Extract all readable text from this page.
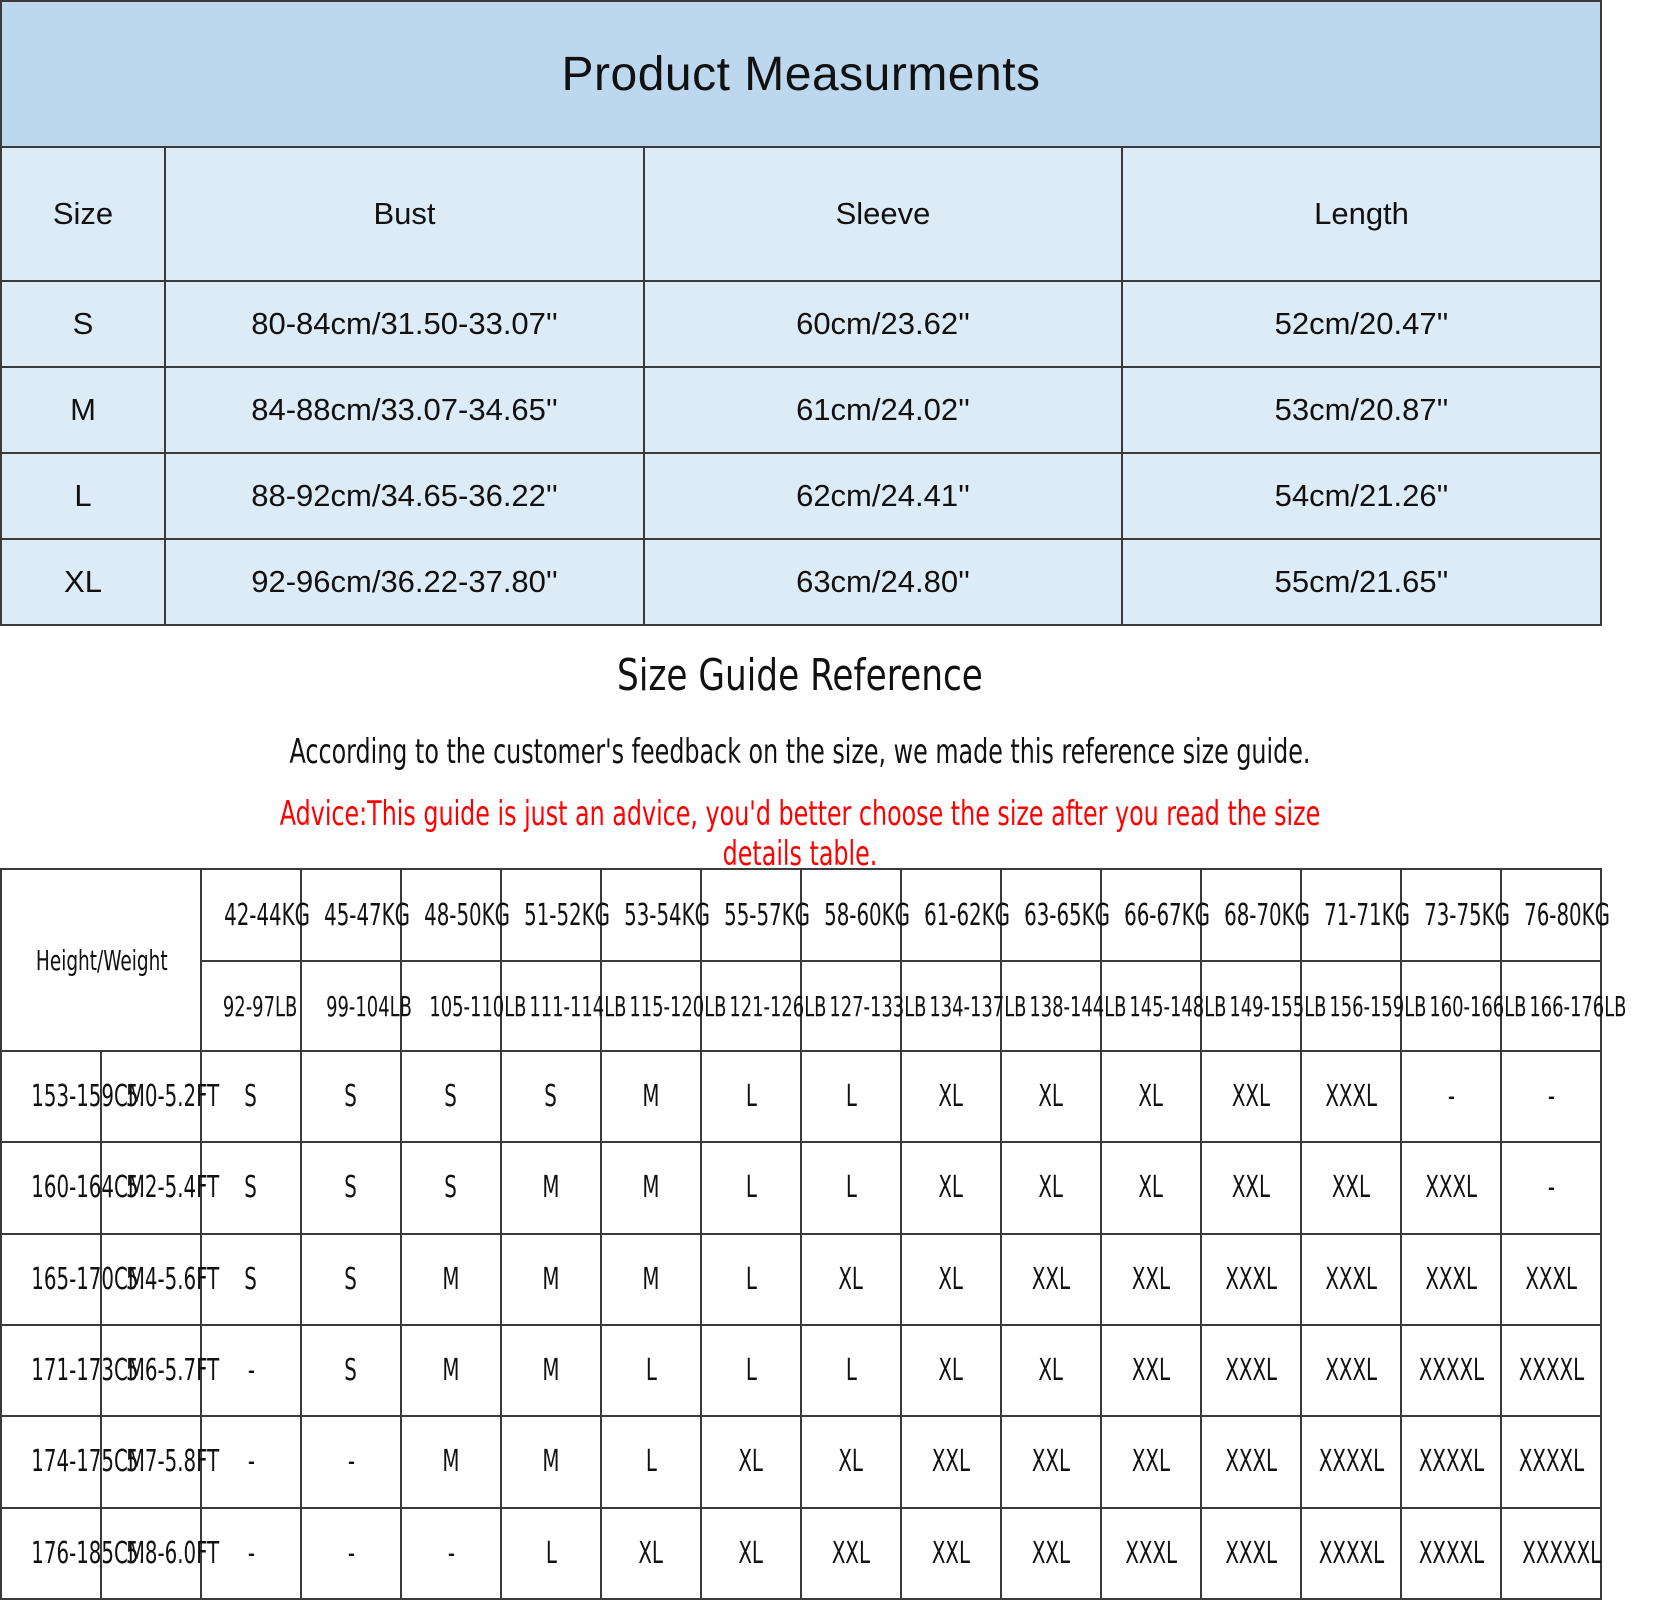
Product Measurments			
Size	Bust	Sleeve	Length
S	80-84cm/31.50-33.07''	60cm/23.62''	52cm/20.47''
M	84-88cm/33.07-34.65''	61cm/24.02''	53cm/20.87''
L	88-92cm/34.65-36.22''	62cm/24.41''	54cm/21.26''
XL	92-96cm/36.22-37.80''	63cm/24.80''	55cm/21.65''
Size Guide Reference
According to the customer's feedback on the size, we made this reference size guide.
Advice:This guide is just an advice, you'd better choose the size after you read the size details table.
Height/Weight		42-44KG	45-47KG	48-50KG	51-52KG	53-54KG	55-57KG	58-60KG	61-62KG	63-65KG	66-67KG	68-70KG	71-71KG	73-75KG	76-80KG
		92-97LB	99-104LB	105-110LB	111-114LB	115-120LB	121-126LB	127-133LB	134-137LB	138-144LB	145-148LB	149-155LB	156-159LB	160-166LB	166-176LB
153-159CM	5.0-5.2FT	S	S	S	S	M	L	L	XL	XL	XL	XXL	XXXL	-	-
160-164CM	5.2-5.4FT	S	S	S	M	M	L	L	XL	XL	XL	XXL	XXL	XXXL	-
165-170CM	5.4-5.6FT	S	S	M	M	M	L	XL	XL	XXL	XXL	XXXL	XXXL	XXXL	XXXL
171-173CM	5.6-5.7FT	-	S	M	M	L	L	L	XL	XL	XXL	XXXL	XXXL	XXXXL	XXXXL
174-175CM	5.7-5.8FT	-	-	M	M	L	XL	XL	XXL	XXL	XXL	XXXL	XXXXL	XXXXL	XXXXL
176-185CM	5.8-6.0FT	-	-	-	L	XL	XL	XXL	XXL	XXL	XXXL	XXXL	XXXXL	XXXXL	XXXXXL
